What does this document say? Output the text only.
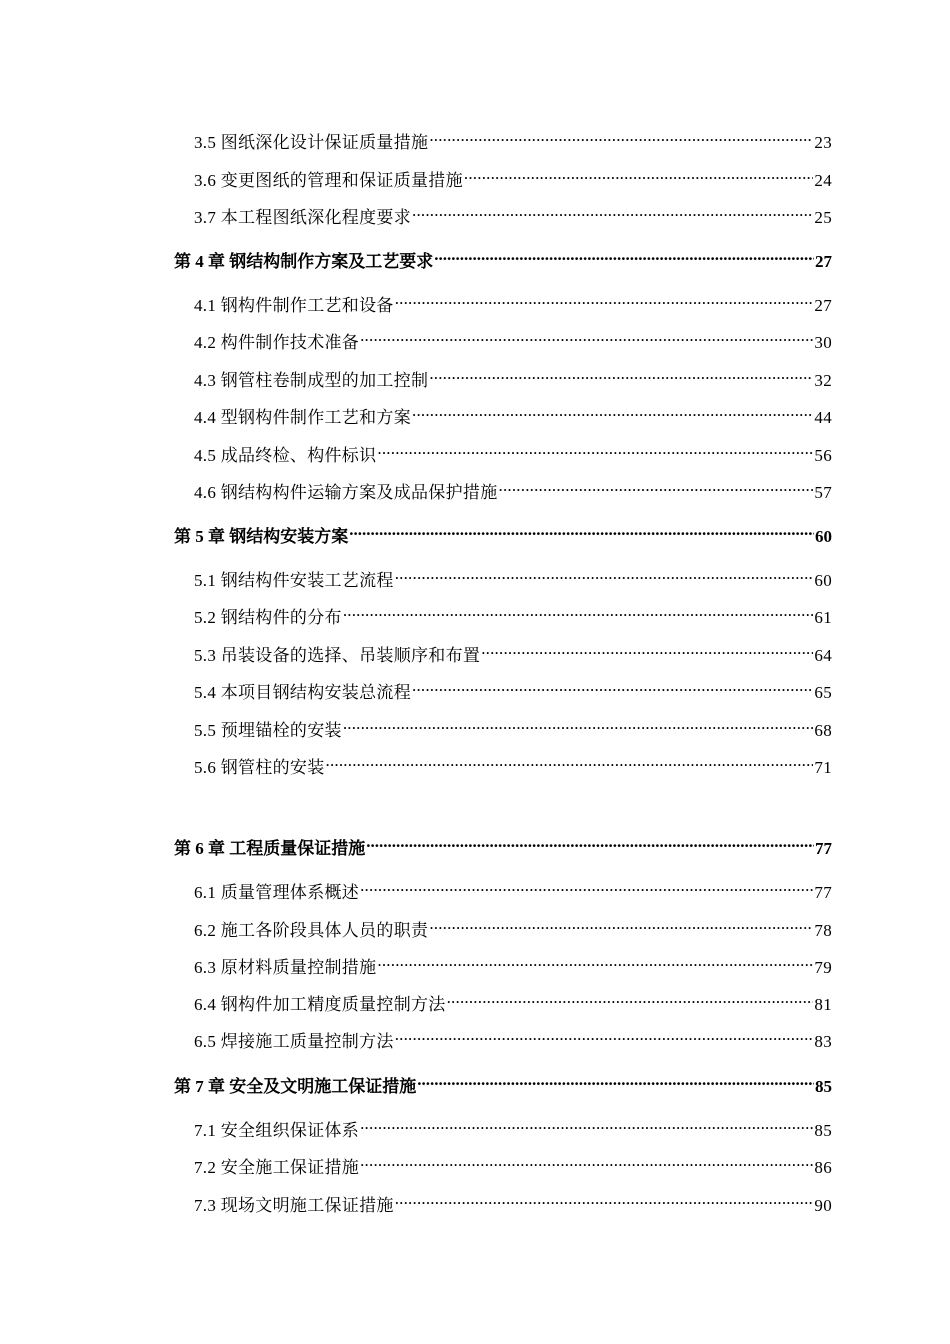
3.5 图纸深化设计保证质量措施 .....	23
3.6 变更图纸的管理和保证质量措施 .....	24
3.7 本工程图纸深化程度要求 .....	25
第 4 章 钢结构制作方案及工艺要求 .....	27
4.1 钢构件制作工艺和设备 .....	27
4.2 构件制作技术准备 .....	30
4.3 钢管柱卷制成型的加工控制 .....	32
4.4 型钢构件制作工艺和方案 .....	44
4.5 成品终检、构件标识 .....	56
4.6 钢结构构件运输方案及成品保护措施 .....	57
第 5 章 钢结构安装方案 .....	60
5.1 钢结构件安装工艺流程 .....	60
5.2 钢结构件的分布 .....	61
5.3 吊装设备的选择、吊装顺序和布置 .....	64
5.4 本项目钢结构安装总流程 .....	65
5.5 预埋锚栓的安装 .....	68
5.6 钢管柱的安装 .....	71
第 6 章 工程质量保证措施 .....	77
6.1 质量管理体系概述 .....	77
6.2 施工各阶段具体人员的职责 .....	78
6.3 原材料质量控制措施 .....	79
6.4 钢构件加工精度质量控制方法 .....	81
6.5 焊接施工质量控制方法 .....	83
第 7 章 安全及文明施工保证措施 .....	85
7.1 安全组织保证体系 .....	85
7.2 安全施工保证措施 .....	86
7.3 现场文明施工保证措施 .....	90
